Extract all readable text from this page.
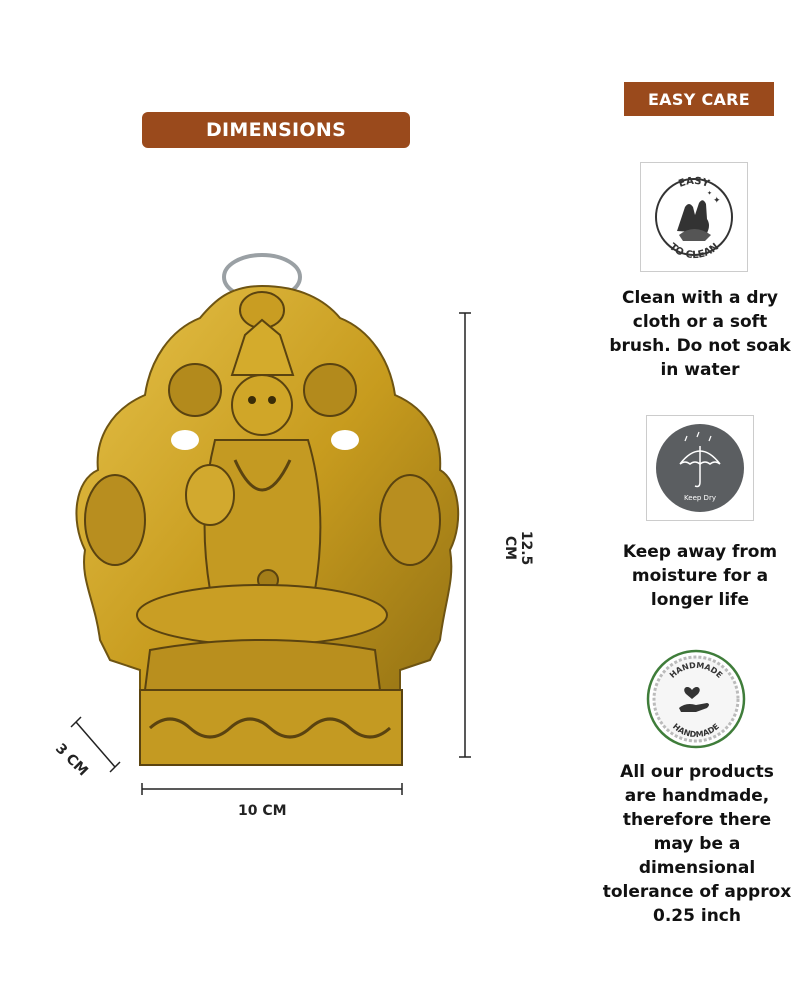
DIMENSIONS
EASY CARE
12.5 CM
10 CM
3 CM
EASY
TO CLEAN
✦
✦
Clean with a dry cloth or a soft brush. Do not soak in water
Keep Dry
Keep away from moisture for a longer life
HANDMADE
HANDMADE
All our products are handmade, therefore there may be a dimensional tolerance of approx 0.25 inch
